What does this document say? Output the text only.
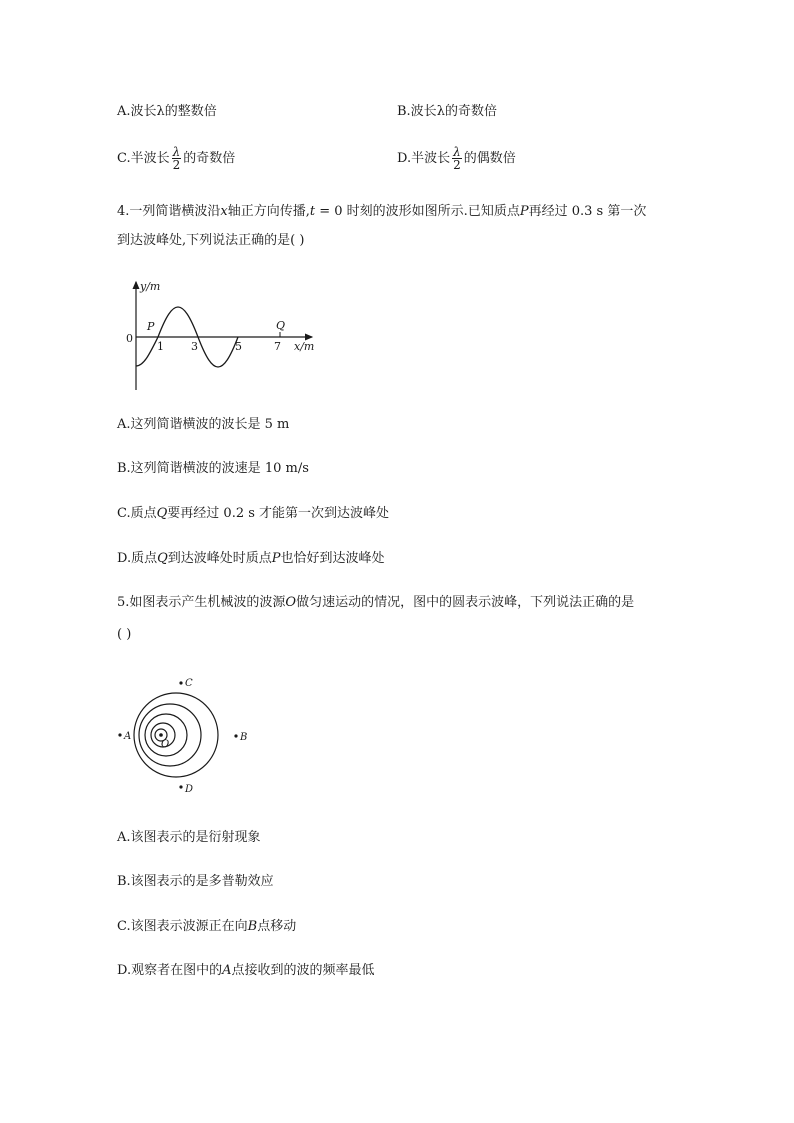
A.波长λ的整数倍	B.波长λ的奇数倍
C.半波长 $\frac{\lambda}{2}$ 的奇数倍	D.半波长 $\frac{\lambda}{2}$ 的偶数倍
4.一列简谐横波沿x轴正方向传播,t = 0 时刻的波形如图所示.已知质点P再经过 0.3 s 第一次
到达波峰处,下列说法正确的是( )
y/m
x/m
0
1 3	5	7
P	Q
A.这列简谐横波的波长是 5 m
B.这列简谐横波的波速是 10 m/s
C.质点Q要再经过 0.2 s 才能第一次到达波峰处
D.质点Q到达波峰处时质点P也恰好到达波峰处
5.如图表示产生机械波的波源O做匀速运动的情况，图中的圆表示波峰，下列说法正确的是
( )
O
A	B
C
D
A.该图表示的是衍射现象
B.该图表示的是多普勒效应
C.该图表示波源正在向B点移动
D.观察者在图中的A点接收到的波的频率最低
